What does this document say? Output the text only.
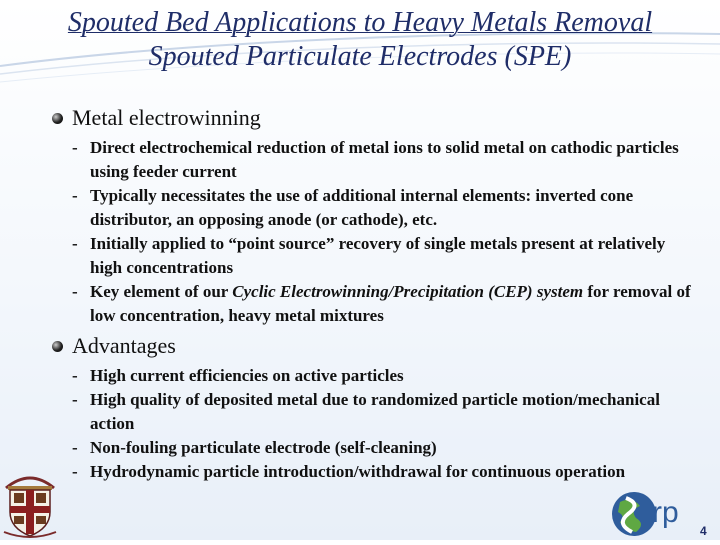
Spouted Bed Applications to Heavy Metals Removal
Spouted Particulate Electrodes (SPE)
Metal electrowinning
- Direct electrochemical reduction of metal ions to solid metal on cathodic particles using feeder current
- Typically necessitates the use of additional internal elements: inverted cone distributor, an opposing anode (or cathode), etc.
- Initially applied to “point source” recovery of single metals present at relatively high concentrations
- Key element of our Cyclic Electrowinning/Precipitation (CEP) system for removal of low concentration, heavy metal mixtures
Advantages
- High current efficiencies on active particles
- High quality of deposited metal due to randomized particle motion/mechanical action
- Non-fouling particulate electrode (self-cleaning)
- Hydrodynamic particle introduction/withdrawal for continuous operation
rp
4
